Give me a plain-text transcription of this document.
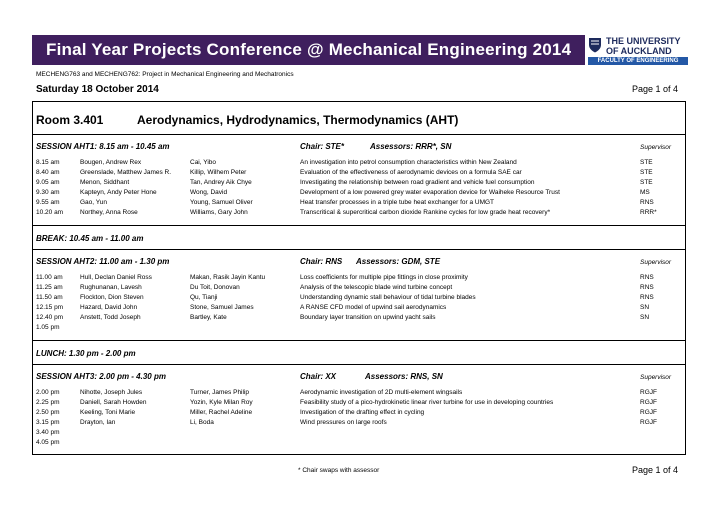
Final Year Projects Conference @ Mechanical Engineering 2014	THE UNIVERSITY
OF AUCKLAND
FACULTY OF ENGINEERING
MECHENG763 and MECHENG762: Project in Mechanical Engineering and Mechatronics
Saturday 18 October 2014	Page 1 of 4
Room 3.401	Aerodynamics, Hydrodynamics, Thermodynamics (AHT)
SESSION AHT1: 8.15 am - 10.45 am	Chair: STE*	Assessors: RRR*, SN	Supervisor
8.15 am	Bougen, Andrew Rex	Cai, Yibo	An investigation into petrol consumption characteristics within New Zealand	STE
8.40 am	Greenslade, Matthew James R.	Killip, Wilhem Peter	Evaluation of the effectiveness of aerodynamic devices on a formula SAE car	STE
9.05 am	Menon, Siddhant	Tan, Andrey Aik Chye	Investigating the relationship between road gradient and vehicle fuel consumption	STE
9.30 am	Kapteyn, Andy Peter Hone	Wong, David	Development of a low powered grey water evaporation device for Waiheke Resource Trust	MS
9.55 am	Gao, Yun	Young, Samuel Oliver	Heat transfer processes in a triple tube heat exchanger for a UMGT	RNS
10.20 am	Northey, Anna Rose	Williams, Gary John	Transcritical & supercritical carbon dioxide Rankine cycles for low grade heat recovery*	RRR*
BREAK: 10.45 am - 11.00 am
SESSION AHT2: 11.00 am - 1.30 pm	Chair: RNS Assessors: GDM, STE	Supervisor
11.00 am	Hull, Declan Daniel Ross	Makan, Rasik Jayin Kantu	Loss coefficients for multiple pipe fittings in close proximity	RNS
11.25 am	Rughunanan, Lavesh	Du Toit, Donovan	Analysis of the telescopic blade wind turbine concept	RNS
11.50 am	Flockton, Dion Steven	Qu, Tianji	Understanding dynamic stall behaviour of tidal turbine blades	RNS
12.15 pm	Hazard, David John	Stone, Samuel James	A RANSE CFD model of upwind sail aerodynamics	SN
12.40 pm	Anstett, Todd Joseph	Bartley, Kate	Boundary layer transition on upwind yacht sails	SN
1.05 pm
LUNCH: 1.30 pm - 2.00 pm
SESSION AHT3: 2.00 pm - 4.30 pm	Chair: XX	Assessors: RNS, SN	Supervisor
2.00 pm	Nihotte, Joseph Jules	Turner, James Philip	Aerodynamic investigation of 2D multi-element wingsails	RGJF
2.25 pm	Daniell, Sarah Howden	Yozin, Kyle Milan Roy	Feasibility study of a pico-hydrokinetic linear river turbine for use in developing countries	RGJF
2.50 pm	Keeling, Toni Marie	Miller, Rachel Adeline	Investigation of the drafting effect in cycling	RGJF
3.15 pm	Drayton, Ian	Li, Boda	Wind pressures on large roofs	RGJF
3.40 pm
4.05 pm
* Chair swaps with assessor	Page 1 of 4
